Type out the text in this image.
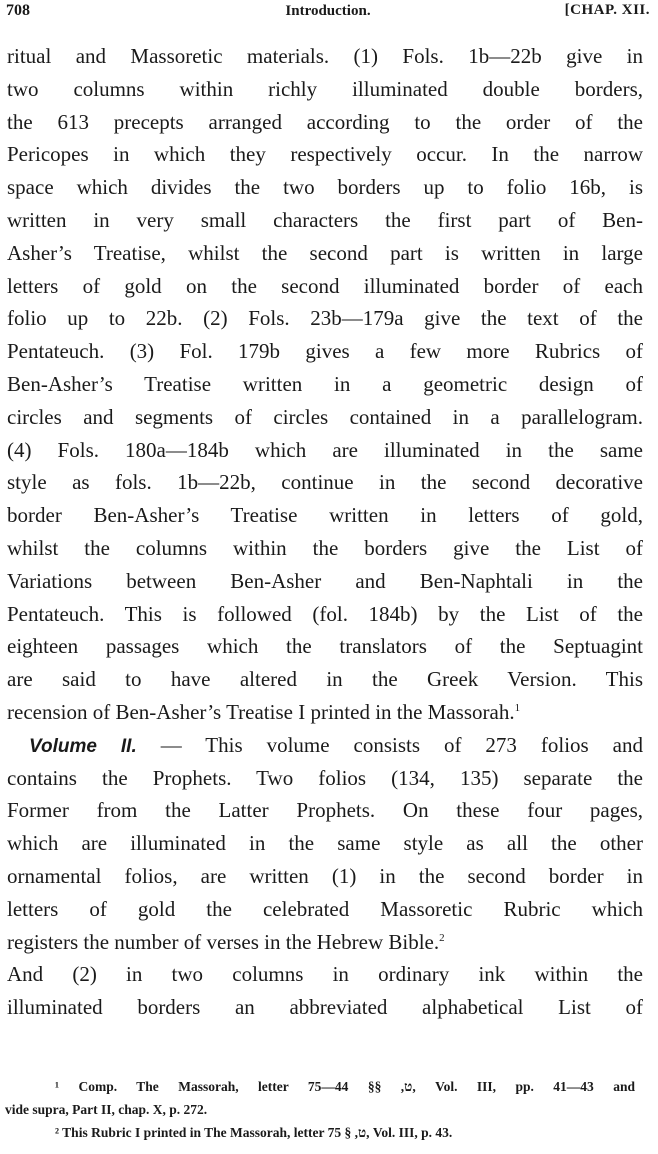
708	Introduction.	[CHAP. XII.
ritual and Massoretic materials. (1) Fols. 1b—22b give in
two columns within richly illuminated double borders,
the 613 precepts arranged according to the order of the
Pericopes in which they respectively occur. In the narrow
space which divides the two borders up to folio 16b, is
written in very small characters the first part of Ben-
Asher’s Treatise, whilst the second part is written in large
letters of gold on the second illuminated border of each
folio up to 22b. (2) Fols. 23b—179a give the text of the
Pentateuch. (3) Fol. 179b gives a few more Rubrics of
Ben-Asher’s Treatise written in a geometric design of
circles and segments of circles contained in a parallelogram.
(4) Fols. 180a—184b which are illuminated in the same
style as fols. 1b—22b, continue in the second decorative
border Ben-Asher’s Treatise written in letters of gold,
whilst the columns within the borders give the List of
Variations between Ben-Asher and Ben-Naphtali in the
Pentateuch. This is followed (fol. 184b) by the List of the
eighteen passages which the translators of the Septuagint
are said to have altered in the Greek Version. This
recension of Ben-Asher’s Treatise I printed in the Massorah.$^1$
Volume II. — This volume consists of 273 folios and
contains the Prophets. Two folios (134, 135) separate the
Former from the Latter Prophets. On these four pages,
which are illuminated in the same style as all the other
ornamental folios, are written (1) in the second border in
letters of gold the celebrated Massoretic Rubric which
registers the number of verses in the Hebrew Bible.$^2$
And (2) in two columns in ordinary ink within the
illuminated borders an abbreviated alphabetical List of
¹ Comp. The Massorah, letter ט, §§ 44—75, Vol. III, pp. 41—43 and
vide supra, Part II, chap. X, p. 272.
² This Rubric I printed in The Massorah, letter ט, § 75, Vol. III, p. 43.
